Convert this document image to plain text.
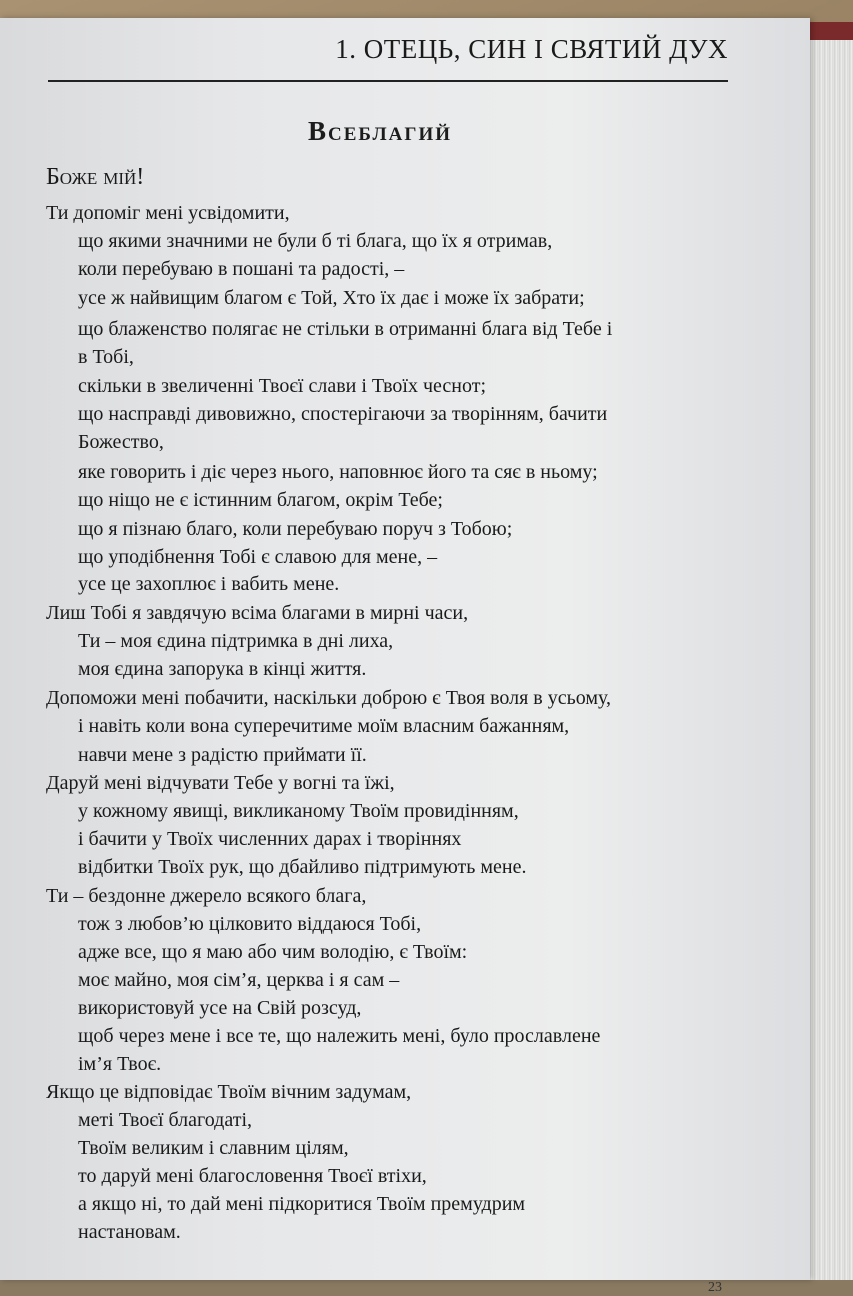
1. ОТЕЦЬ, СИН І СВЯТИЙ ДУХ
Всеблагий
Боже мій!
Ти допоміг мені усвідомити,
що якими значними не були б ті блага, що їх я отримав,
коли перебуваю в пошані та радості, –
усе ж найвищим благом є Той, Хто їх дає і може їх забрати;
що блаженство полягає не стільки в отриманні блага від Тебе і
в Тобі,
скільки в звеличенні Твоєї слави і Твоїх чеснот;
що насправді дивовижно, спостерігаючи за творінням, бачити
Божество,
яке говорить і діє через нього, наповнює його та сяє в ньому;
що ніщо не є істинним благом, окрім Тебе;
що я пізнаю благо, коли перебуваю поруч з Тобою;
що уподібнення Тобі є славою для мене, –
усе це захоплює і вабить мене.
Лиш Тобі я завдячую всіма благами в мирні часи,
Ти – моя єдина підтримка в дні лиха,
моя єдина запорука в кінці життя.
Допоможи мені побачити, наскільки доброю є Твоя воля в усьому,
і навіть коли вона суперечитиме моїм власним бажанням,
навчи мене з радістю приймати її.
Даруй мені відчувати Тебе у вогні та їжі,
у кожному явищі, викликаному Твоїм провидінням,
і бачити у Твоїх численних дарах і творіннях
відбитки Твоїх рук, що дбайливо підтримують мене.
Ти – бездонне джерело всякого блага,
тож з любов’ю цілковито віддаюся Тобі,
адже все, що я маю або чим володію, є Твоїм:
моє майно, моя сім’я, церква і я сам –
використовуй усе на Свій розсуд,
щоб через мене і все те, що належить мені, було прославлене
ім’я Твоє.
Якщо це відповідає Твоїм вічним задумам,
меті Твоєї благодаті,
Твоїм великим і славним цілям,
то даруй мені благословення Твоєї втіхи,
а якщо ні, то дай мені підкоритися Твоїм премудрим
настановам.
23
